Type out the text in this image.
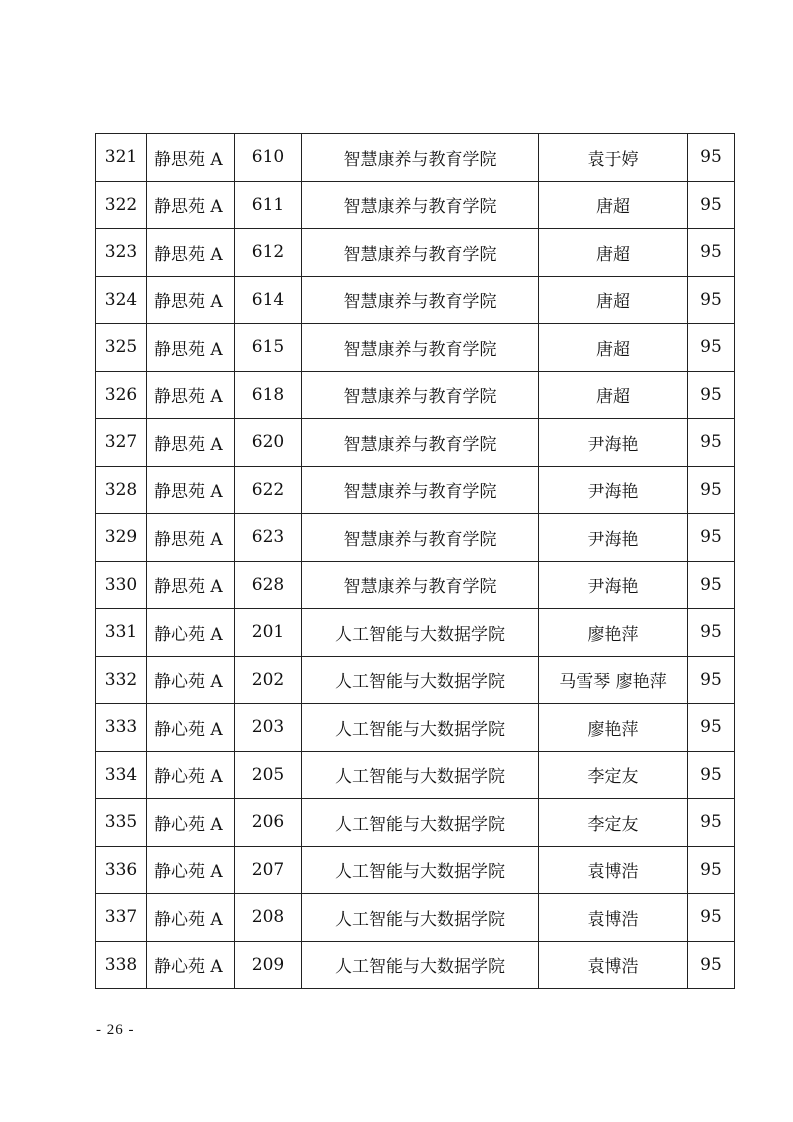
321	静思苑 A	610	智慧康养与教育学院	袁于婷	95
322	静思苑 A	611	智慧康养与教育学院	唐超	95
323	静思苑 A	612	智慧康养与教育学院	唐超	95
324	静思苑 A	614	智慧康养与教育学院	唐超	95
325	静思苑 A	615	智慧康养与教育学院	唐超	95
326	静思苑 A	618	智慧康养与教育学院	唐超	95
327	静思苑 A	620	智慧康养与教育学院	尹海艳	95
328	静思苑 A	622	智慧康养与教育学院	尹海艳	95
329	静思苑 A	623	智慧康养与教育学院	尹海艳	95
330	静思苑 A	628	智慧康养与教育学院	尹海艳	95
331	静心苑 A	201	人工智能与大数据学院	廖艳萍	95
332	静心苑 A	202	人工智能与大数据学院	马雪琴 廖艳萍	95
333	静心苑 A	203	人工智能与大数据学院	廖艳萍	95
334	静心苑 A	205	人工智能与大数据学院	李定友	95
335	静心苑 A	206	人工智能与大数据学院	李定友	95
336	静心苑 A	207	人工智能与大数据学院	袁博浩	95
337	静心苑 A	208	人工智能与大数据学院	袁博浩	95
338	静心苑 A	209	人工智能与大数据学院	袁博浩	95
- 26 -
